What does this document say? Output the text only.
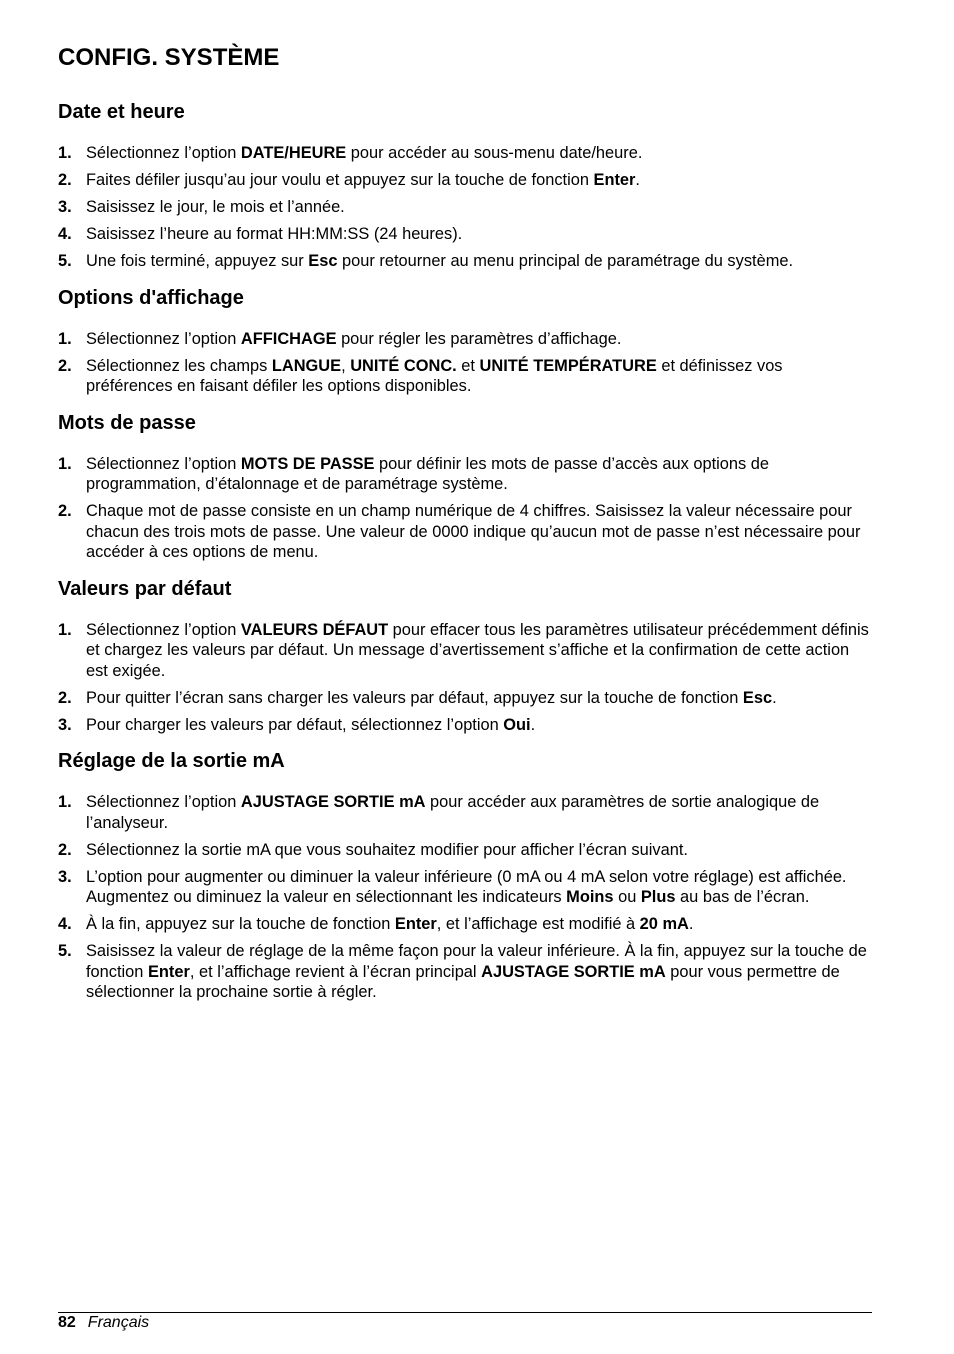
CONFIG. SYSTÈME
Date et heure
1. Sélectionnez l’option DATE/HEURE pour accéder au sous-menu date/heure.
2. Faites défiler jusqu’au jour voulu et appuyez sur la touche de fonction Enter.
3. Saisissez le jour, le mois et l’année.
4. Saisissez l’heure au format HH:MM:SS (24 heures).
5. Une fois terminé, appuyez sur Esc pour retourner au menu principal de paramétrage du système.
Options d'affichage
1. Sélectionnez l’option AFFICHAGE pour régler les paramètres d’affichage.
2. Sélectionnez les champs LANGUE, UNITÉ CONC. et UNITÉ TEMPÉRATURE et définissez vos préférences en faisant défiler les options disponibles.
Mots de passe
1. Sélectionnez l’option MOTS DE PASSE pour définir les mots de passe d’accès aux options de programmation, d’étalonnage et de paramétrage système.
2. Chaque mot de passe consiste en un champ numérique de 4 chiffres. Saisissez la valeur nécessaire pour chacun des trois mots de passe. Une valeur de 0000 indique qu’aucun mot de passe n’est nécessaire pour accéder à ces options de menu.
Valeurs par défaut
1. Sélectionnez l’option VALEURS DÉFAUT pour effacer tous les paramètres utilisateur précédemment définis et chargez les valeurs par défaut. Un message d’avertissement s’affiche et la confirmation de cette action est exigée.
2. Pour quitter l’écran sans charger les valeurs par défaut, appuyez sur la touche de fonction Esc.
3. Pour charger les valeurs par défaut, sélectionnez l’option Oui.
Réglage de la sortie mA
1. Sélectionnez l’option AJUSTAGE SORTIE mA pour accéder aux paramètres de sortie analogique de l’analyseur.
2. Sélectionnez la sortie mA que vous souhaitez modifier pour afficher l’écran suivant.
3. L’option pour augmenter ou diminuer la valeur inférieure (0 mA ou 4 mA selon votre réglage) est affichée. Augmentez ou diminuez la valeur en sélectionnant les indicateurs Moins ou Plus au bas de l’écran.
4. À la fin, appuyez sur la touche de fonction Enter, et l’affichage est modifié à 20 mA.
5. Saisissez la valeur de réglage de la même façon pour la valeur inférieure. À la fin, appuyez sur la touche de fonction Enter, et l’affichage revient à l’écran principal AJUSTAGE SORTIE mA pour vous permettre de sélectionner la prochaine sortie à régler.
82 Français
